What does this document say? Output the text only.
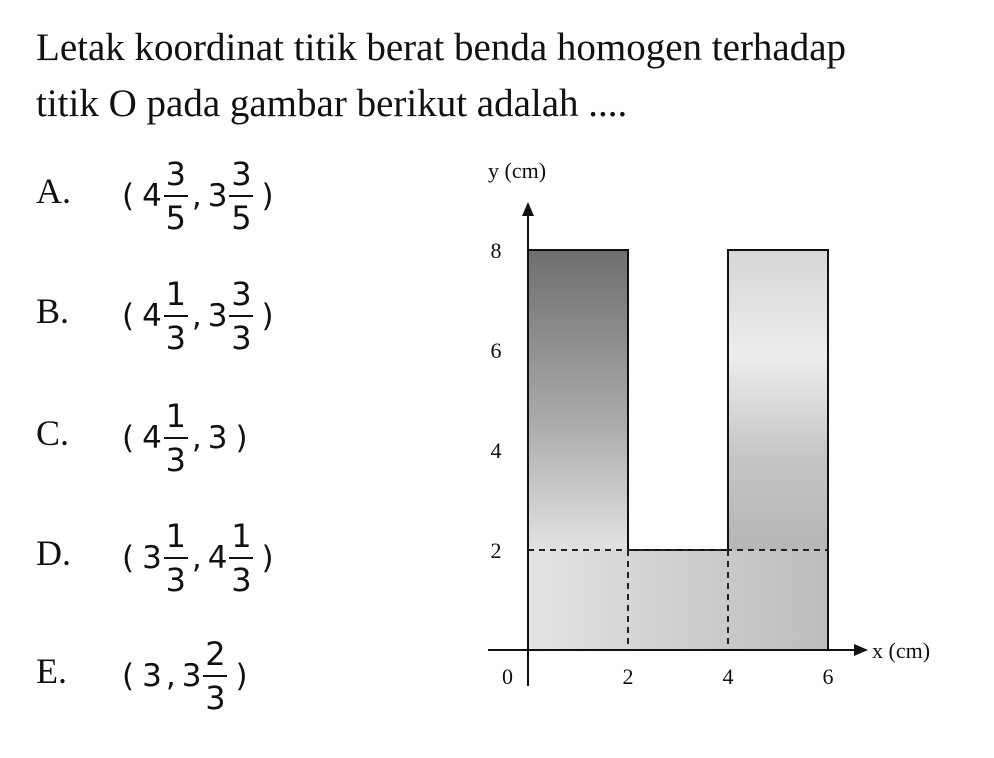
Letak koordinat titik berat benda homogen terhadap
titik O pada gambar berikut adalah ....

A. ( $4 \frac{3}{5}$ , $3 \frac{3}{5}$ )
B. ( $4 \frac{1}{3}$ , $3 \frac{3}{3}$ )
C. ( $4 \frac{1}{3}$ , 3 )
D. ( $3 \frac{1}{3}$ , $4 \frac{1}{3}$ )
E. ( 3 , $3 \frac{2}{3}$ )
y (cm)
x (cm)
0	2	4	6
2
4
6
8
